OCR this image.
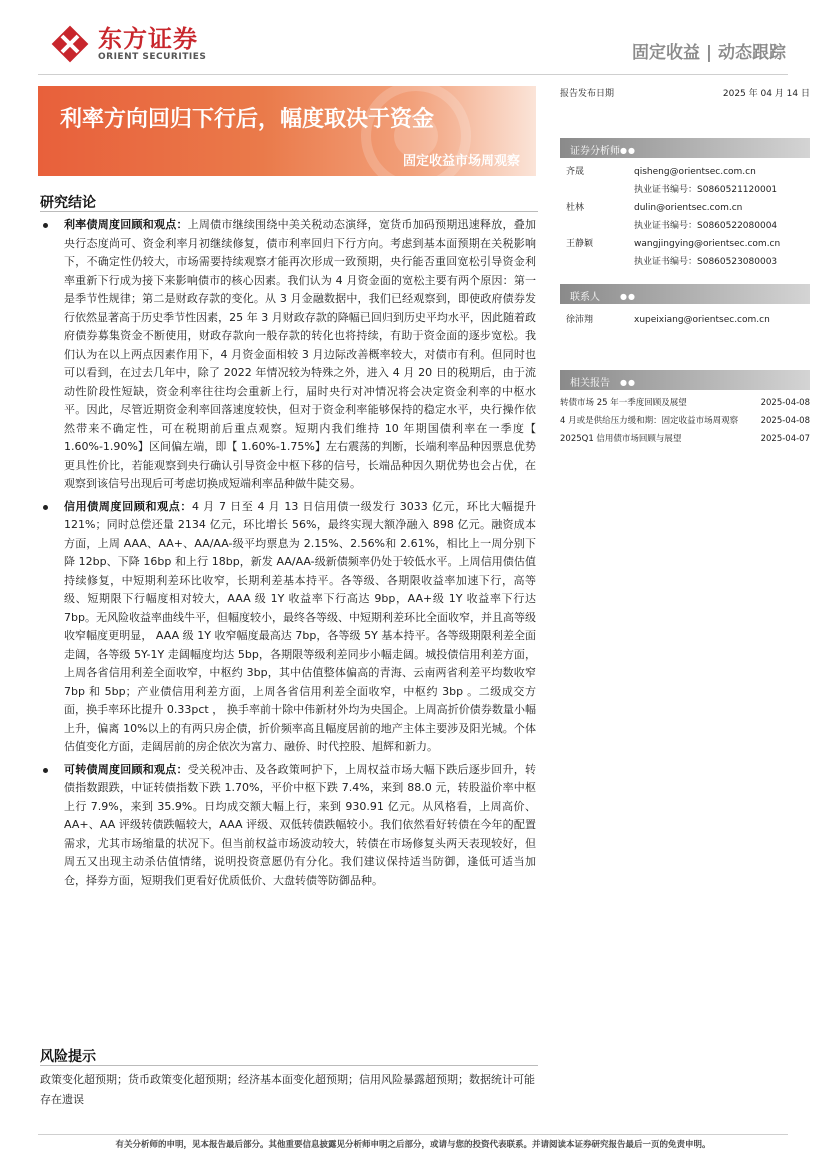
东方证券
ORIENT SECURITIES	固定收益 | 动态跟踪
利率方向回归下行后，幅度取决于资金
固定收益市场周观察
研究结论
利率债周度回顾和观点：上周债市继续围绕中美关税动态演绎，宽货币加码预期迅速释放，叠加央行态度尚可、资金利率月初继续修复，债市利率回归下行方向。考虑到基本面预期在关税影响下，不确定性仍较大，市场需要持续观察才能再次形成一致预期，央行能否重回宽松引导资金利率重新下行成为接下来影响债市的核心因素。我们认为 4 月资金面的宽松主要有两个原因：第一是季节性规律；第二是财政存款的变化。从 3 月金融数据中，我们已经观察到，即使政府债券发行依然显著高于历史季节性因素，25 年 3 月财政存款的降幅已回归到历史平均水平，因此随着政府债券募集资金不断使用，财政存款向一般存款的转化也将持续，有助于资金面的逐步宽松。我们认为在以上两点因素作用下，4 月资金面相较 3 月边际改善概率较大，对债市有利。但同时也可以看到，在过去几年中，除了 2022 年情况较为特殊之外，进入 4 月 20 日的税期后，由于流动性阶段性短缺，资金利率往往均会重新上行，届时央行对冲情况将会决定资金利率的中枢水平。因此，尽管近期资金利率回落速度较快，但对于资金利率能够保持的稳定水平，央行操作依然带来不确定性，可在税期前后重点观察。短期内我们维持 10 年期国债利率在一季度【 1.60%-1.90%】区间偏左端，即【 1.60%-1.75%】左右震荡的判断，长端利率品种因票息优势更具性价比，若能观察到央行确认引导资金中枢下移的信号，长端品种因久期优势也会占优，在观察到该信号出现后可考虑切换成短端利率品种做牛陡交易。
信用债周度回顾和观点：4 月 7 日至 4 月 13 日信用债一级发行 3033 亿元，环比大幅提升 121%；同时总偿还量 2134 亿元，环比增长 56%，最终实现大额净融入 898 亿元。融资成本方面，上周 AAA、AA+、AA/AA-级平均票息为 2.15%、2.56%和 2.61%，相比上一周分别下降 12bp、下降 16bp 和上行 18bp，新发 AA/AA-级新债频率仍处于较低水平。上周信用债估值持续修复，中短期利差环比收窄，长期利差基本持平。各等级、各期限收益率加速下行，高等级、短期限下行幅度相对较大，AAA 级 1Y 收益率下行高达 9bp，AA+级 1Y 收益率下行达 7bp。无风险收益率曲线牛平，但幅度较小，最终各等级、中短期利差环比全面收窄，并且高等级收窄幅度更明显， AAA 级 1Y 收窄幅度最高达 7bp，各等级 5Y 基本持平。各等级期限利差全面走阔，各等级 5Y-1Y 走阔幅度均达 5bp，各期限等级利差同步小幅走阔。城投债信用利差方面，上周各省信用利差全面收窄，中枢约 3bp，其中估值整体偏高的青海、云南两省利差平均数收窄 7bp 和 5bp；产业债信用利差方面，上周各省信用利差全面收窄，中枢约 3bp 。二级成交方面，换手率环比提升 0.33pct ， 换手率前十除中伟新材外均为央国企。上周高折价债券数量小幅上升，偏离 10%以上的有两只房企债，折价频率高且幅度居前的地产主体主要涉及阳光城。个体估值变化方面，走阔居前的房企依次为富力、融侨、时代控股、旭辉和新力。
可转债周度回顾和观点：受关税冲击、及各政策呵护下，上周权益市场大幅下跌后逐步回升，转债指数跟跌，中证转债指数下跌 1.70%，平价中枢下跌 7.4%，来到 88.0 元，转股溢价率中枢上行 7.9%，来到 35.9%。日均成交额大幅上行，来到 930.91 亿元。从风格看，上周高价、AA+、AA 评级转债跌幅较大，AAA 评级、双低转债跌幅较小。我们依然看好转债在今年的配置需求，尤其市场缩量的状况下。但当前权益市场波动较大，转债在市场修复头两天表现较好，但周五又出现主动杀估值情绪，说明投资意愿仍有分化。我们建议保持适当防御，逢低可适当加仓，择券方面，短期我们更看好优质低价、大盘转债等防御品种。
风险提示
政策变化超预期；货币政策变化超预期；经济基本面变化超预期；信用风险暴露超预期；数据统计可能存在遗误
报告发布日期	2025 年 04 月 14 日
证券分析师 ●●
齐晟	qisheng@orientsec.com.cn
执业证书编号：S0860521120001
杜林	dulin@orientsec.com.cn
执业证书编号：S0860522080004
王静颖	wangjingying@orientsec.com.cn
执业证书编号：S0860523080003
联系人	●●
徐沛翔	xupeixiang@orientsec.com.cn
相关报告 ●●
转债市场 25 年一季度回顾及展望	2025-04-08
4 月或是供给压力缓和期：固定收益市场周观察	2025-04-08
2025Q1 信用债市场回顾与展望	2025-04-07
有关分析师的申明，见本报告最后部分。其他重要信息披露见分析师申明之后部分，或请与您的投资代表联系。并请阅读本证券研究报告最后一页的免责申明。
